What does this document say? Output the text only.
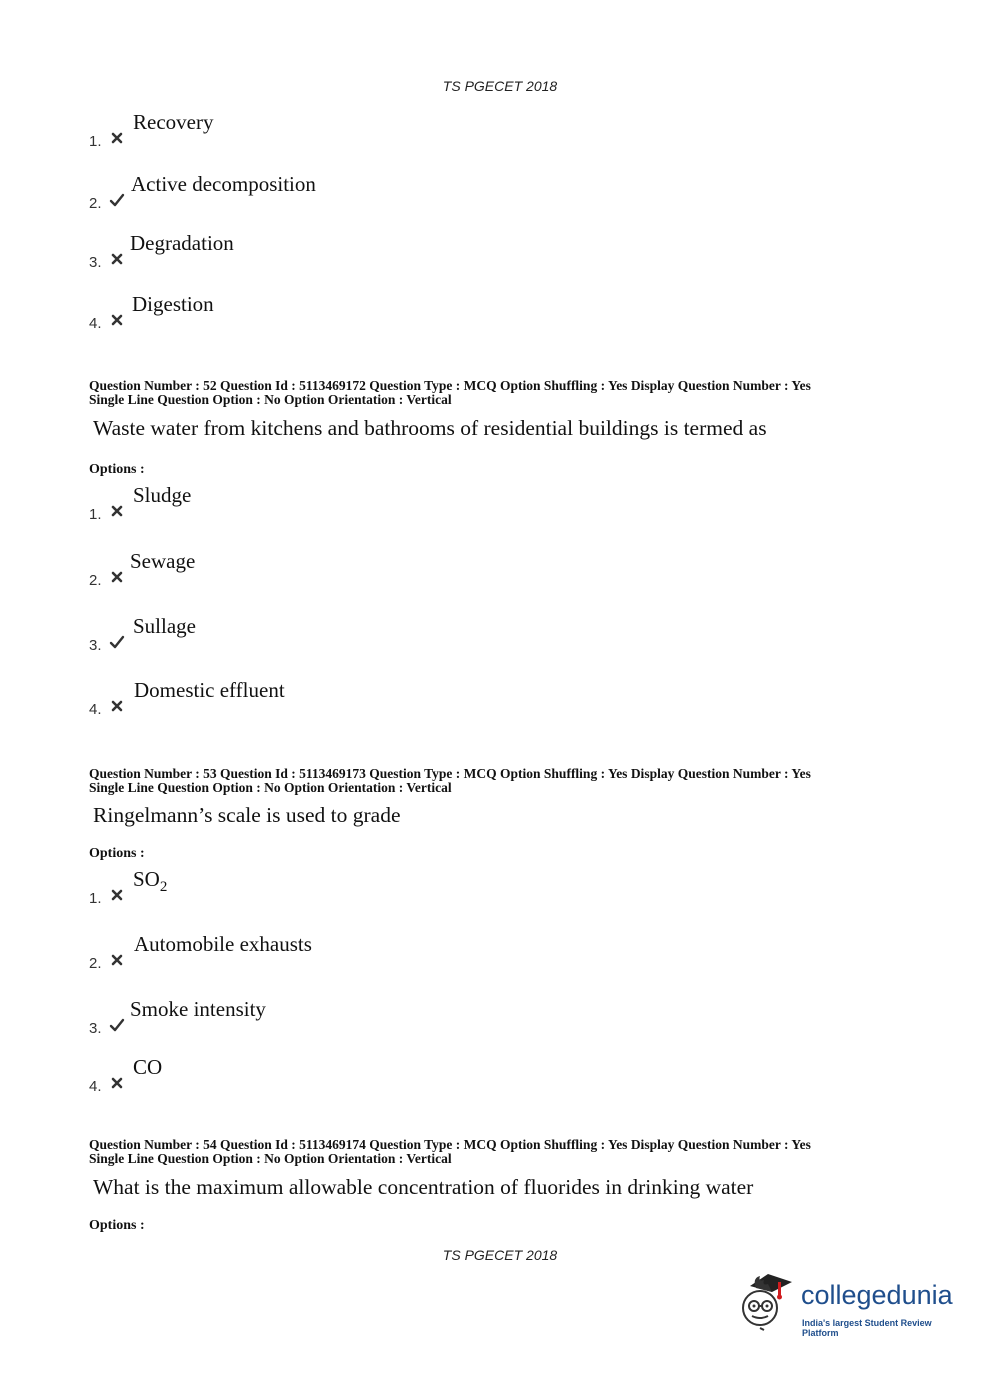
TS PGECET 2018
1.
Recovery
2.
Active decomposition
3.
Degradation
4.
Digestion
Question Number : 52 Question Id : 5113469172 Question Type : MCQ Option Shuffling : Yes Display Question Number : Yes
Single Line Question Option : No Option Orientation : Vertical
Waste water from kitchens and bathrooms of residential buildings is termed as
Options :
1.
Sludge
2.
Sewage
3.
Sullage
4.
Domestic effluent
Question Number : 53 Question Id : 5113469173 Question Type : MCQ Option Shuffling : Yes Display Question Number : Yes
Single Line Question Option : No Option Orientation : Vertical
Ringelmann’s scale is used to grade
Options :
1.
$SO_2$
2.
Automobile exhausts
3.
Smoke intensity
4.
CO
Question Number : 54 Question Id : 5113469174 Question Type : MCQ Option Shuffling : Yes Display Question Number : Yes
Single Line Question Option : No Option Orientation : Vertical
What is the maximum allowable concentration of fluorides in drinking water
Options :
TS PGECET 2018
collegedunia
India's largest Student Review Platform
